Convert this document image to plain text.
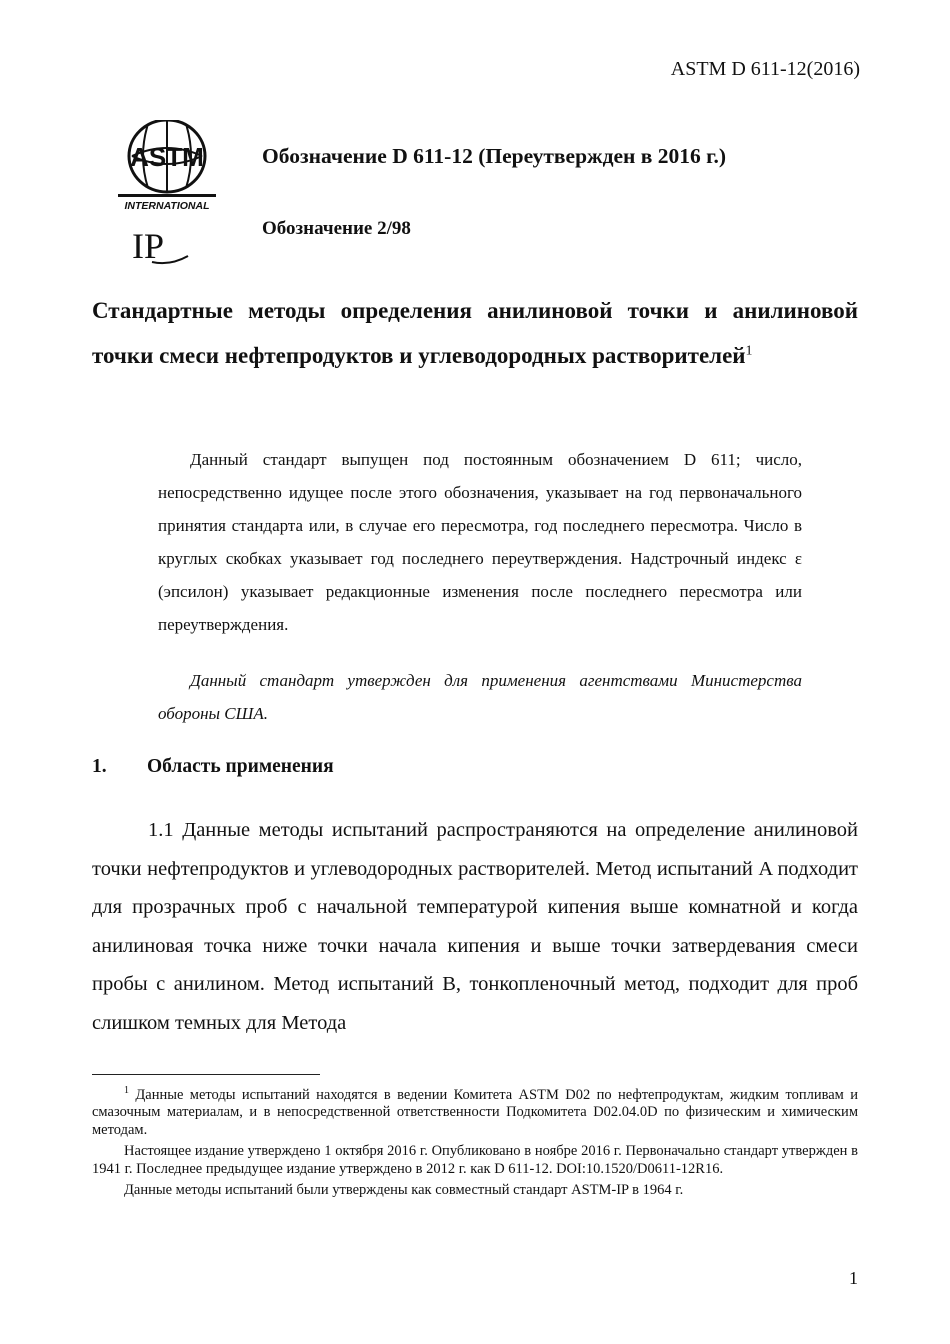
ASTM D 611-12(2016)
ASTM
INTERNATIONAL
IP
Обозначение D 611-12 (Переутвержден в 2016 г.)
Обозначение 2/98

Стандартные методы определения анилиновой точки и анилиновой точки смеси нефтепродуктов и углеводородных растворителей$^1$

Данный стандарт выпущен под постоянным обозначением D 611; число, непосредственно идущее после этого обозначения, указывает на год первоначального принятия стандарта или, в случае его пересмотра, год последнего пересмотра. Число в круглых скобках указывает год последнего переутверждения. Надстрочный индекс ε (эпсилон) указывает редакционные изменения после последнего пересмотра или переутверждения.

Данный стандарт утвержден для применения агентствами Министерства обороны США.

1. Область применения

1.1 Данные методы испытаний распространяются на определение анилиновой точки нефтепродуктов и углеводородных растворителей. Метод испытаний A подходит для прозрачных проб с начальной температурой кипения выше комнатной и когда анилиновая точка ниже точки начала кипения и выше точки затвердевания смеси пробы с анилином. Метод испытаний B, тонкопленочный метод, подходит для проб слишком темных для Метода

$^1$ Данные методы испытаний находятся в ведении Комитета ASTM D02 по нефтепродуктам, жидким топливам и смазочным материалам, и в непосредственной ответственности Подкомитета D02.04.0D по физическим и химическим методам.

Настоящее издание утверждено 1 октября 2016 г. Опубликовано в ноябре 2016 г. Первоначально стандарт утвержден в 1941 г. Последнее предыдущее издание утверждено в 2012 г. как D 611-12. DOI:10.1520/D0611-12R16.

Данные методы испытаний были утверждены как совместный стандарт ASTM-IP в 1964 г.

1
